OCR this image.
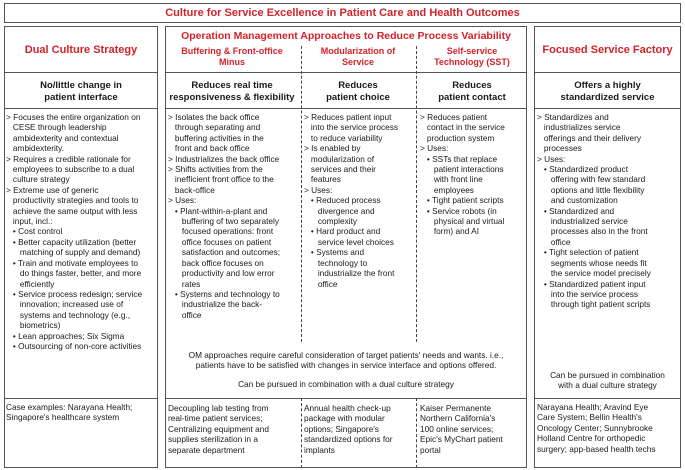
Culture for Service Excellence in Patient Care and Health Outcomes
Dual Culture Strategy
No/little change in
patient interface
> Focuses the entire organization on
CESE through leadership
ambidexterity and contextual
ambidexterity.
> Requires a credible rationale for
employees to subscribe to a dual
culture strategy
> Extreme use of generic
productivity strategies and tools to
achieve the same output with less
input, incl.:
• Cost control
• Better capacity utilization (better
matching of supply and demand)
• Train and motivate employees to
do things faster, better, and more
efficiently
• Service process redesign; service
innovation; increased use of
systems and technology (e.g.,
biometrics)
• Lean approaches; Six Sigma
• Outsourcing of non-core activities
Case examples: Narayana Health;
Singapore's healthcare system
Operation Management Approaches to Reduce Process Variability
Buffering & Front-office
Minus
Modularization of
Service
Self-service
Technology (SST)
Reduces real time
responsiveness & flexibility
Reduces
patient choice
Reduces
patient contact
> Isolates the back office
through separating and
buffering activities in the
front and back office
> Industrializes the back office
> Shifts activities from the
inefficient front office to the
back-office
> Uses:
• Plant-within-a-plant and
buffering of two separately
focused operations: front
office focuses on patient
satisfaction and outcomes;
back office focuses on
productivity and low error
rates
• Systems and technology to
industrialize the back-
office
> Reduces patient input
into the service process
to reduce variability
> Is enabled by
modularization of
services and their
features
> Uses:
• Reduced process
divergence and
complexity
• Hard product and
service level choices
• Systems and
technology to
industrialize the front
office
> Reduces patient
contact in the service
production system
> Uses:
• SSTs that replace
patient interactions
with front line
employees
• Tight patient scripts
• Service robots (in
physical and virtual
form) and AI
OM approaches require careful consideration of target patients' needs and wants. i.e.,
patients have to be satisfied with changes in service interface and options offered.
Can be pursued in combination with a dual culture strategy
Decoupling lab testing from
real-time patient services;
Centralizing equipment and
supplies sterilization in a
separate department
Annual health check-up
package with modular
options; Singapore's
standardized options for
implants
Kaiser Permanente
Northern California's
100 online services;
Epic's MyChart patient
portal
Focused Service Factory
Offers a highly
standardized service
> Standardizes and
industrializes service
offerings and their delivery
processes
> Uses:
• Standardized product
offering with few standard
options and little flexibility
and customization
• Standardized and
industrialized service
processes also in the front
office
• Tight selection of patient
segments whose needs fit
the service model precisely
• Standardized patient input
into the service process
through tight patient scripts
Can be pursued in combination
with a dual culture strategy
Narayana Health; Aravind Eye
Care System; Bellin Health's
Oncology Center; Sunnybrooke
Holland Centre for orthopedic
surgery; app-based health techs
